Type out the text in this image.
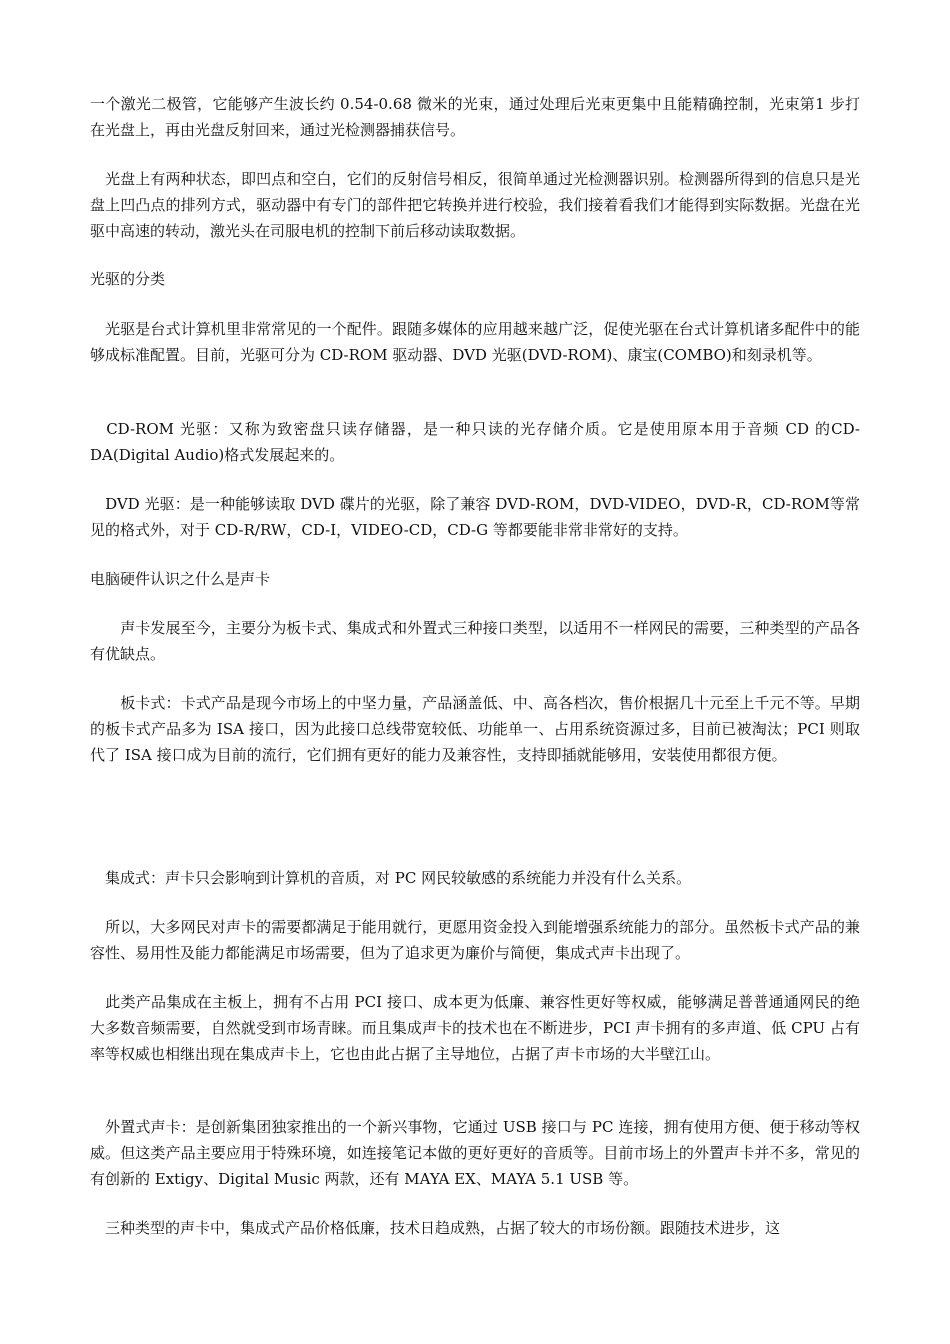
一个激光二极管，它能够产生波长约 0.54-0.68 微米的光束，通过处理后光束更集中且能精确控制，光束第1 步打在光盘上，再由光盘反射回来，通过光检测器捕获信号。

　光盘上有两种状态，即凹点和空白，它们的反射信号相反，很简单通过光检测器识别。检测器所得到的信息只是光盘上凹凸点的排列方式，驱动器中有专门的部件把它转换并进行校验，我们接着看我们才能得到实际数据。光盘在光驱中高速的转动，激光头在司服电机的控制下前后移动读取数据。

光驱的分类

　光驱是台式计算机里非常常见的一个配件。跟随多媒体的应用越来越广泛，促使光驱在台式计算机诸多配件中的能够成标准配置。目前，光驱可分为 CD-ROM 驱动器、DVD 光驱(DVD-ROM)、康宝(COMBO)和刻录机等。

　CD-ROM 光驱：又称为致密盘只读存储器，是一种只读的光存储介质。它是使用原本用于音频 CD 的CD-DA(Digital Audio)格式发展起来的。

　DVD 光驱：是一种能够读取 DVD 碟片的光驱，除了兼容 DVD-ROM，DVD-VIDEO，DVD-R，CD-ROM等常见的格式外，对于 CD-R/RW，CD-I，VIDEO-CD，CD-G 等都要能非常非常好的支持。

电脑硬件认识之什么是声卡

　　声卡发展至今，主要分为板卡式、集成式和外置式三种接口类型，以适用不一样网民的需要，三种类型的产品各有优缺点。

　　板卡式：卡式产品是现今市场上的中坚力量，产品涵盖低、中、高各档次，售价根据几十元至上千元不等。早期的板卡式产品多为 ISA 接口，因为此接口总线带宽较低、功能单一、占用系统资源过多，目前已被淘汰；PCI 则取代了 ISA 接口成为目前的流行，它们拥有更好的能力及兼容性，支持即插就能够用，安装使用都很方便。

　集成式：声卡只会影响到计算机的音质，对 PC 网民较敏感的系统能力并没有什么关系。

　所以，大多网民对声卡的需要都满足于能用就行，更愿用资金投入到能增强系统能力的部分。虽然板卡式产品的兼容性、易用性及能力都能满足市场需要，但为了追求更为廉价与简便，集成式声卡出现了。

　此类产品集成在主板上，拥有不占用 PCI 接口、成本更为低廉、兼容性更好等权威，能够满足普普通通网民的绝大多数音频需要，自然就受到市场青睐。而且集成声卡的技术也在不断进步，PCI 声卡拥有的多声道、低 CPU 占有率等权威也相继出现在集成声卡上，它也由此占据了主导地位，占据了声卡市场的大半壁江山。

　外置式声卡：是创新集团独家推出的一个新兴事物，它通过 USB 接口与 PC 连接，拥有使用方便、便于移动等权威。但这类产品主要应用于特殊环境，如连接笔记本做的更好更好的音质等。目前市场上的外置声卡并不多，常见的有创新的 Extigy、Digital Music 两款，还有 MAYA EX、MAYA 5.1 USB 等。

　三种类型的声卡中，集成式产品价格低廉，技术日趋成熟，占据了较大的市场份额。跟随技术进步，这
